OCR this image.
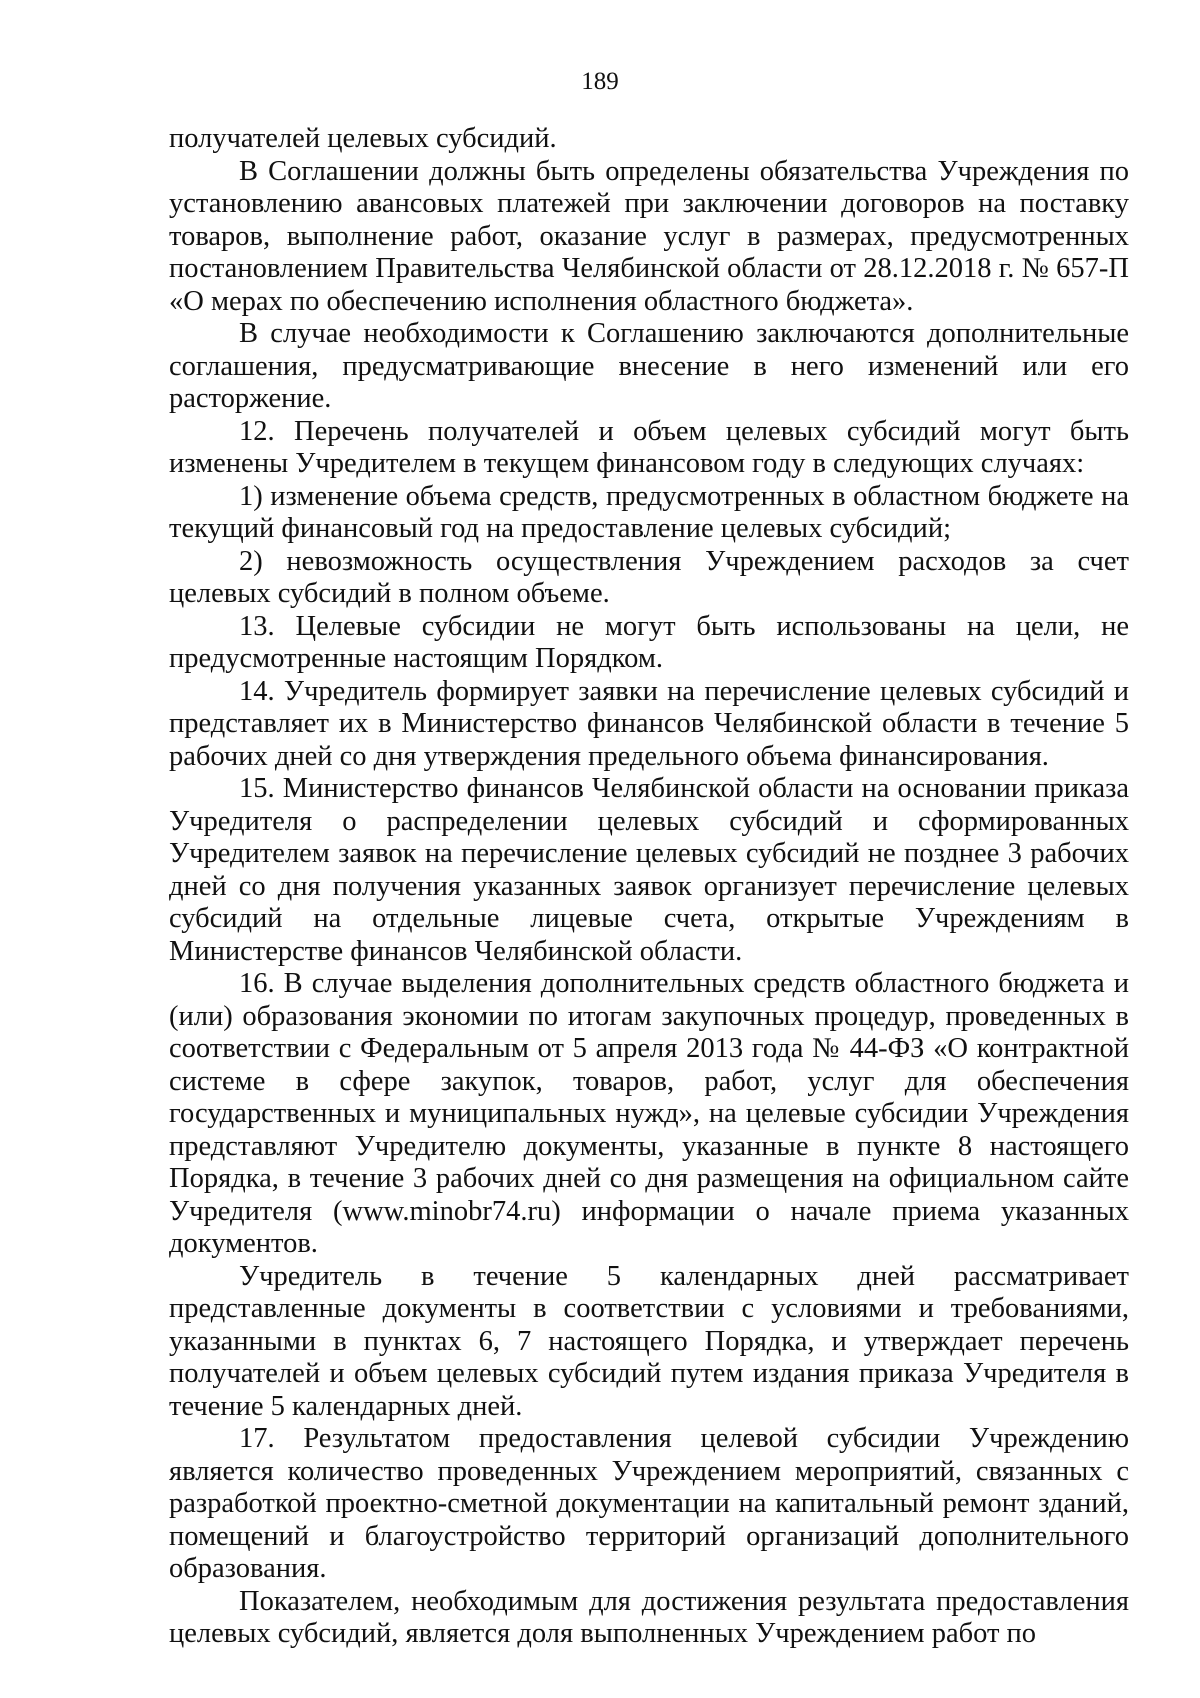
189

получателей целевых субсидий.

В Соглашении должны быть определены обязательства Учреждения по установлению авансовых платежей при заключении договоров на поставку товаров, выполнение работ, оказание услуг в размерах, предусмотренных постановлением Правительства Челябинской области от 28.12.2018 г. № 657-П «О мерах по обеспечению исполнения областного бюджета».

В случае необходимости к Соглашению заключаются дополнительные соглашения, предусматривающие внесение в него изменений или его расторжение.

12. Перечень получателей и объем целевых субсидий могут быть изменены Учредителем в текущем финансовом году в следующих случаях:

1) изменение объема средств, предусмотренных в областном бюджете на текущий финансовый год на предоставление целевых субсидий;

2) невозможность осуществления Учреждением расходов за счет целевых субсидий в полном объеме.

13. Целевые субсидии не могут быть использованы на цели, не предусмотренные настоящим Порядком.

14. Учредитель формирует заявки на перечисление целевых субсидий и представляет их в Министерство финансов Челябинской области в течение 5 рабочих дней со дня утверждения предельного объема финансирования.

15. Министерство финансов Челябинской области на основании приказа Учредителя о распределении целевых субсидий и сформированных Учредителем заявок на перечисление целевых субсидий не позднее 3 рабочих дней со дня получения указанных заявок организует перечисление целевых субсидий на отдельные лицевые счета, открытые Учреждениям в Министерстве финансов Челябинской области.

16. В случае выделения дополнительных средств областного бюджета и (или) образования экономии по итогам закупочных процедур, проведенных в соответствии с Федеральным от 5 апреля 2013 года № 44-ФЗ «О контрактной системе в сфере закупок, товаров, работ, услуг для обеспечения государственных и муниципальных нужд», на целевые субсидии Учреждения представляют Учредителю документы, указанные в пункте 8 настоящего Порядка, в течение 3 рабочих дней со дня размещения на официальном сайте Учредителя (www.minobr74.ru) информации о начале приема указанных документов.

Учредитель в течение 5 календарных дней рассматривает представленные документы в соответствии с условиями и требованиями, указанными в пунктах 6, 7 настоящего Порядка, и утверждает перечень получателей и объем целевых субсидий путем издания приказа Учредителя в течение 5 календарных дней.

17. Результатом предоставления целевой субсидии Учреждению является количество проведенных Учреждением мероприятий, связанных с разработкой проектно-сметной документации на капитальный ремонт зданий, помещений и благоустройство территорий организаций дополнительного образования.

Показателем, необходимым для достижения результата предоставления целевых субсидий, является доля выполненных Учреждением работ по
